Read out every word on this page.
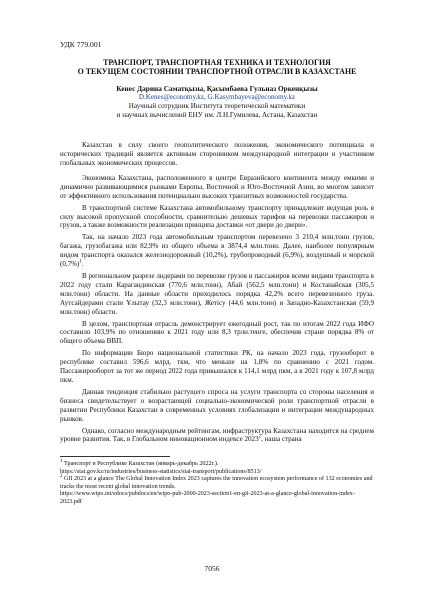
УДК 779.001
ТРАНСПОРТ, ТРАНСПОРТНАЯ ТЕХНИКА И ТЕХНОЛОГИЯ
О ТЕКУЩЕМ СОСТОЯНИИ ТРАНСПОРТНОЙ ОТРАСЛИ В КАЗАХСТАНЕ
Кенес Дарина Саматқызы, Қасымбаева Гульназ Оркенқызы
D.Kenes@economy.kz, G.Kasymbayeva@economy.kz
Научный сотрудник Института теоретической математики
и научных вычислений ЕНУ им. Л.Н.Гумилева, Астана, Казахстан

Казахстан в силу своего геополитического положения, экономического потенциала и исторических традиций является активным сторонником международной интеграции и участником глобальных экономических процессов.

Экономика Казахстана, расположенного в центре Евразийского континента между емкими и динамично развивающимися рынками Европы, Восточной и Юго-Восточной Азии, во многом зависит от эффективного использования потенциально высоких транзитных возможностей государства.

В транспортной системе Казахстана автомобильному транспорту принадлежит ведущая роль в силу высокой пропускной способности, сравнительно дешевых тарифов на перевозки пассажиров и грузов, а также возможности реализации принципа доставки «от двери до двери».

Так, на начало 2023 года автомобильным транспортом перевезено 3 210,4 млн.тонн грузов, багажа, грузобагажа или 82,9% из общего объема в 3874,4 млн.тонн. Далее, наиболее популярным видом транспорта оказался железнодорожный (10,2%), трубопроводный (6,9%), воздушный и морской $(0,7\%)^1$.

В региональном разрезе лидерами по перевозке грузов и пассажиров всеми видами транспорта в 2022 году стали Карагандинская (770,6 млн.тонн), Абай (562,5 млн.тонн) и Костанайская (305,5 млн.тонн) области. На данные области приходилось порядка 42,2% всего перевезенного груза. Аутсайдерами стали Ұлытау (32,3 млн.тонн), Жетісу (44,6 млн.тонн) и Западно-Казахстанская (59,9 млн.тонн) области.

В целом, транспортная отрасль демонстрирует ежегодный рост, так по итогам 2022 года ИФО составило 103,9% по отношению к 2021 году или 8,3 трлн.тенге, обеспечив стране порядка 8% от общего объема ВВП.

По информации Бюро национальной статистики РК, на начало 2023 года, грузооборот в республике составил 596,6 млрд. ткм, что меньше на 1,8% по сравнению с 2021 годом. Пассажирооборот за тот же период 2022 года привышался к 114,1 млрд пкм, а в 2021 году к 107,8 млрд пкм.

Данная тенденция стабильно растущего спроса на услуги транспорта со стороны населения и бизнеса свидетельствует о возрастающей социально-экономической роли транспортной отрасли в развитии Республики Казахстан в современных условиях глобализации и интеграции международных рынков.

Однако, согласно международным рейтингам, инфраструктура Казахстана находится на среднем уровне развития. Так, в Глобальном инновационном индексе 2023$^2$, наша страна

$^1$ Транспорт в Республике Казахстан (январь-декабрь 2022г.).
https://stat.gov.kz/ru/industries/business-statistics/stat-transport/publications/8513/

$^2$ GII 2023 at a glance The Global Innovation Index 2023 captures the innovation ecosystem performance of 132 economies and tracks the most recent global innovation trends.
https://www.wipo.int/edocs/pubdocs/en/wipo-pub-2000-2023-section1-en-gii-2023-at-a-glance-global-innovation-index-2023.pdf

7056
